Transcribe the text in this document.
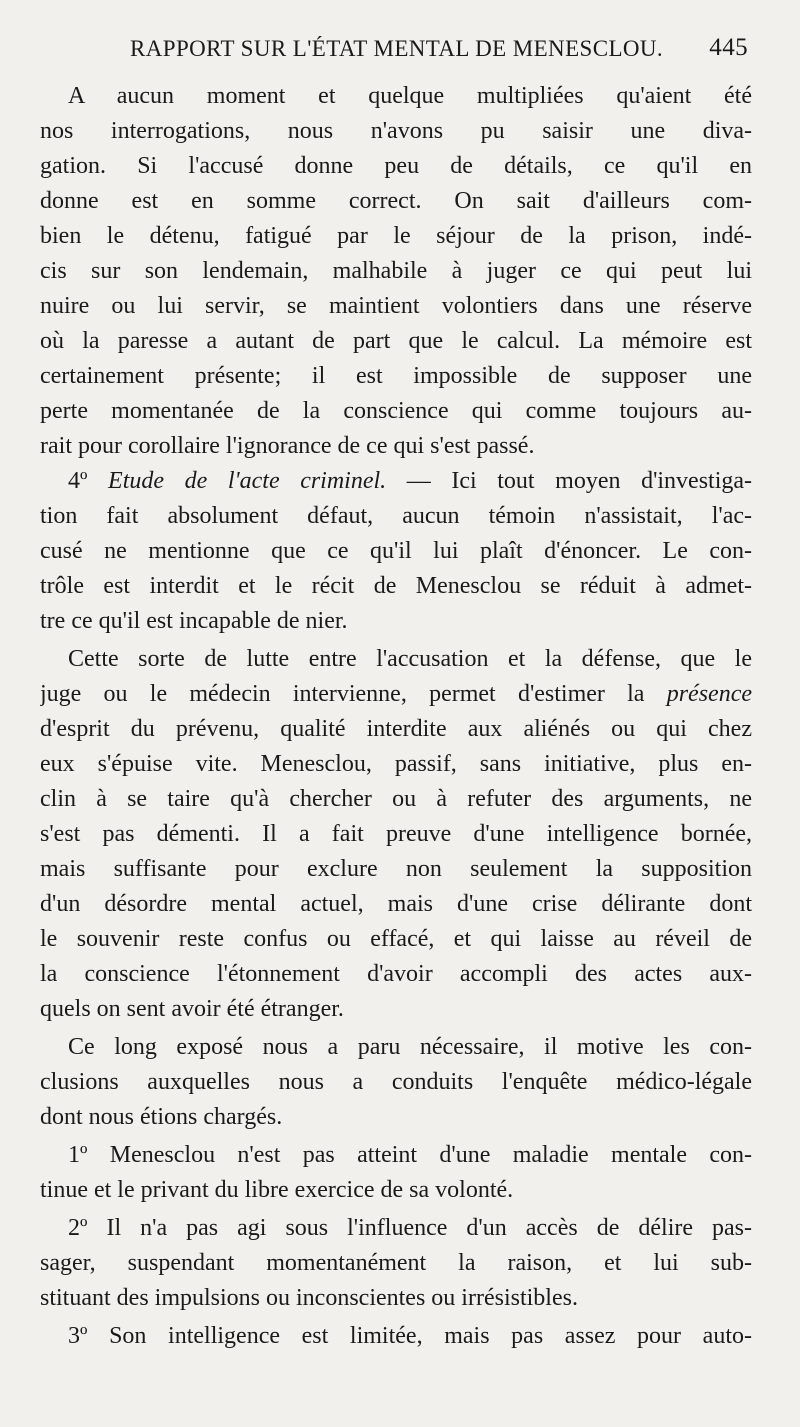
RAPPORT SUR L'ÉTAT MENTAL DE MENESCLOU. 445
A aucun moment et quelque multipliées qu'aient été
nos interrogations, nous n'avons pu saisir une diva-
gation. Si l'accusé donne peu de détails, ce qu'il en
donne est en somme correct. On sait d'ailleurs com-
bien le détenu, fatigué par le séjour de la prison, indé-
cis sur son lendemain, malhabile à juger ce qui peut lui
nuire ou lui servir, se maintient volontiers dans une réserve
où la paresse a autant de part que le calcul. La mémoire est
certainement présente; il est impossible de supposer une
perte momentanée de la conscience qui comme toujours au-
rait pour corollaire l'ignorance de ce qui s'est passé.
4º Etude de l'acte criminel. — Ici tout moyen d'investiga-
tion fait absolument défaut, aucun témoin n'assistait, l'ac-
cusé ne mentionne que ce qu'il lui plaît d'énoncer. Le con-
trôle est interdit et le récit de Menesclou se réduit à admet-
tre ce qu'il est incapable de nier.
Cette sorte de lutte entre l'accusation et la défense, que le
juge ou le médecin intervienne, permet d'estimer la présence
d'esprit du prévenu, qualité interdite aux aliénés ou qui chez
eux s'épuise vite. Menesclou, passif, sans initiative, plus en-
clin à se taire qu'à chercher ou à refuter des arguments, ne
s'est pas démenti. Il a fait preuve d'une intelligence bornée,
mais suffisante pour exclure non seulement la supposition
d'un désordre mental actuel, mais d'une crise délirante dont
le souvenir reste confus ou effacé, et qui laisse au réveil de
la conscience l'étonnement d'avoir accompli des actes aux-
quels on sent avoir été étranger.
Ce long exposé nous a paru nécessaire, il motive les con-
clusions auxquelles nous a conduits l'enquête médico-légale
dont nous étions chargés.
1º Menesclou n'est pas atteint d'une maladie mentale con-
tinue et le privant du libre exercice de sa volonté.
2º Il n'a pas agi sous l'influence d'un accès de délire pas-
sager, suspendant momentanément la raison, et lui sub-
stituant des impulsions ou inconscientes ou irrésistibles.
3º Son intelligence est limitée, mais pas assez pour auto-
